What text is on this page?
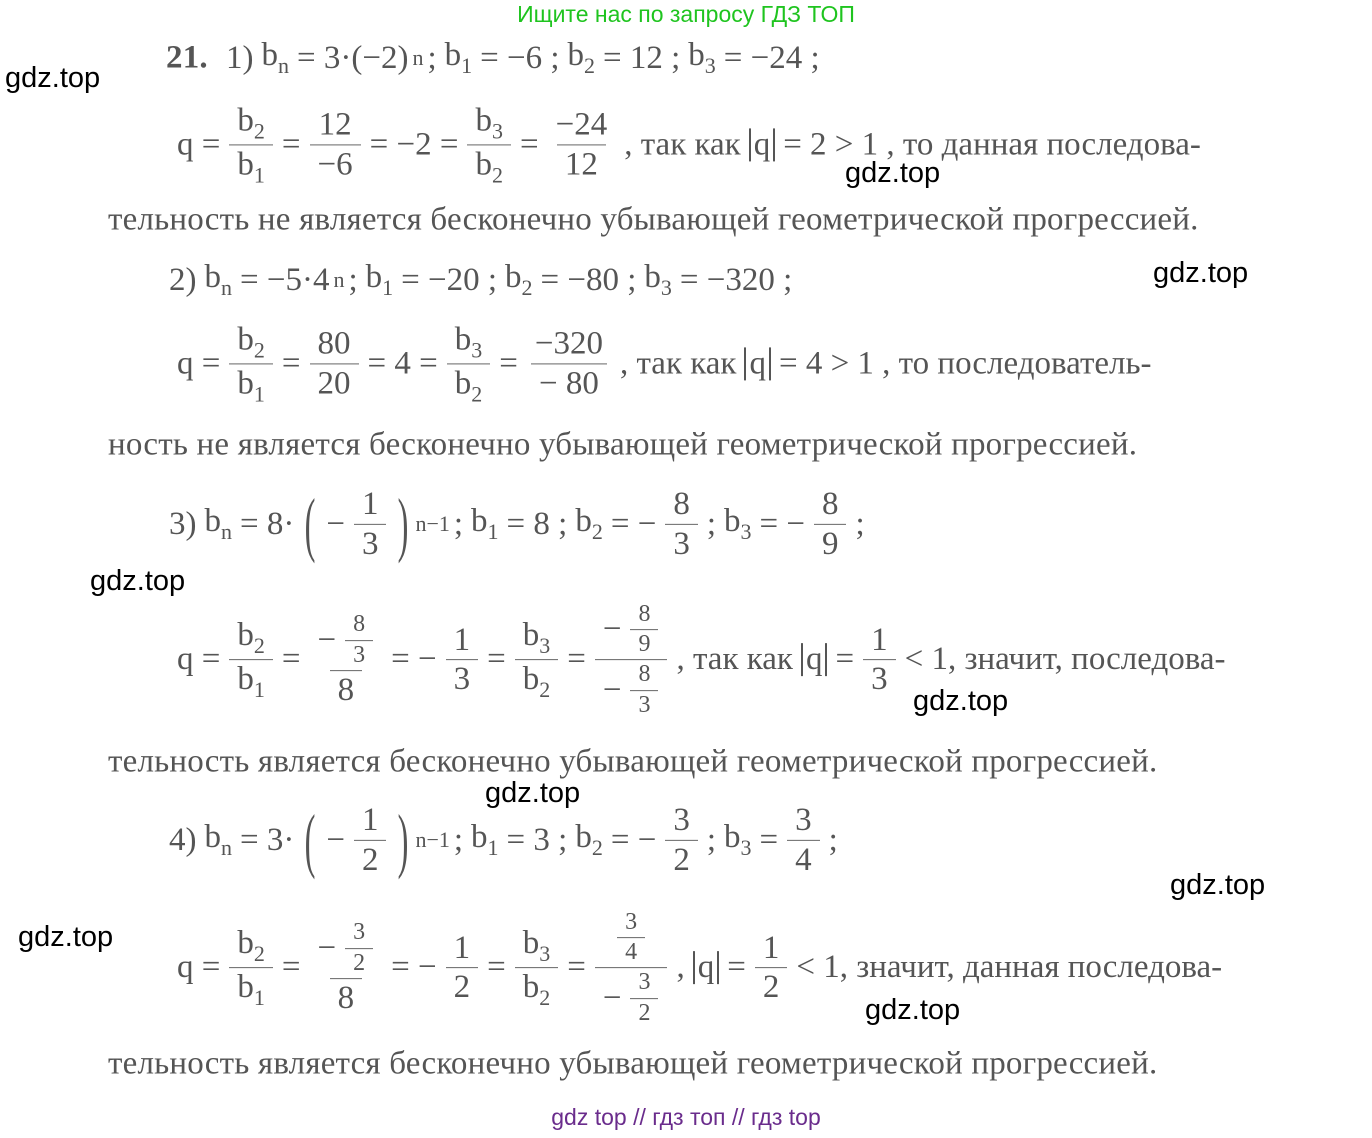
Ищите нас по запросу ГДЗ ТОП
21. 1) $b_n = 3\cdot(-2)$ n ; $b_1 = -6$ ; $b_2 = 12$ ; $b_3 = -24$ ;
$q = \frac{b_2}{b_1} = \frac{12}{-6} = -2 = \frac{b_3}{b_2} = \frac{-24}{12}$ , так как q = 2 > 1 , то данная последова-
тельность не является бесконечно убывающей геометрической прогрессией.
2) $b_n = -5\cdot 4$ n ; $b_1 = -20$ ; $b_2 = -80$ ; $b_3 = -320$ ;
$q = \frac{b_2}{b_1} = \frac{80}{20} = 4 = \frac{b_3}{b_2} = \frac{-320}{- 80}$ , так как q = 4 > 1 , то последователь-
ность не является бесконечно убывающей геометрической прогрессией.
3) $b_n = 8\cdot$ ( − $\frac{1}{3}$ ) n−1 ; $b_1 = 8$ ; $b_2$ = − $\frac{8}{3}$ ; $b_3$ = − $\frac{8}{9}$ ;
$q = \frac{b_2}{b_1} = \frac{- \frac{8}{3}}{8}$ = − $\frac{1}{3} = \frac{b_3}{b_2} = \frac{- \frac{8}{9}}{- \frac{8}{3}}$ , так как $q = \frac{1}{3} < 1$, значит, последова-
тельность является бесконечно убывающей геометрической прогрессией.
4) $b_n = 3\cdot$ ( − $\frac{1}{2}$ ) n−1 ; $b_1 = 3$ ; $b_2$ = − $\frac{3}{2}$ ; $b_3 = \frac{3}{4}$ ;
$q = \frac{b_2}{b_1} = \frac{- \frac{3}{2}}{8}$ = − $\frac{1}{2} = \frac{b_3}{b_2} = \frac{\frac{3}{4}}{- \frac{3}{2}}$ , $q = \frac{1}{2} < 1$, значит, данная последова-
тельность является бесконечно убывающей геометрической прогрессией.
gdz.top
gdz.top
gdz.top
gdz.top
gdz.top
gdz.top
gdz.top
gdz.top
gdz.top
gdz top // гдз топ // гдз top
